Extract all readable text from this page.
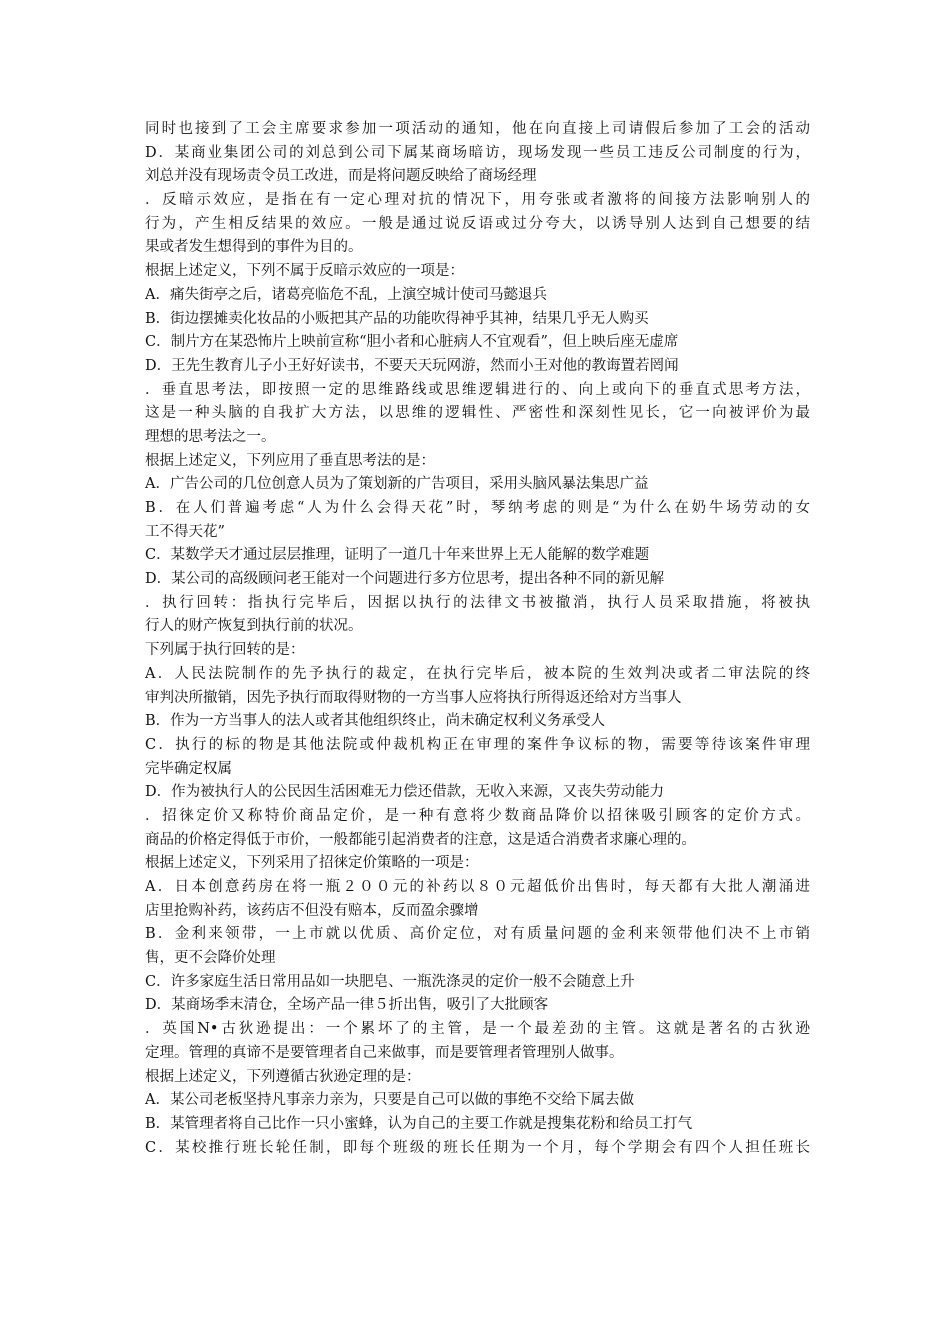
同时也接到了工会主席要求参加一项活动的通知，他在向直接上司请假后参加了工会的活动
D．某商业集团公司的刘总到公司下属某商场暗访，现场发现一些员工违反公司制度的行为，
刘总并没有现场责令员工改进，而是将问题反映给了商场经理
．反暗示效应，是指在有一定心理对抗的情况下，用夸张或者激将的间接方法影响别人的
行为，产生相反结果的效应。一般是通过说反语或过分夸大，以诱导别人达到自己想要的结
果或者发生想得到的事件为目的。
根据上述定义，下列不属于反暗示效应的一项是：
A．痛失街亭之后，诸葛亮临危不乱，上演空城计使司马懿退兵
B．街边摆摊卖化妆品的小贩把其产品的功能吹得神乎其神，结果几乎无人购买
C．制片方在某恐怖片上映前宣称“胆小者和心脏病人不宜观看”，但上映后座无虚席
D．王先生教育儿子小王好好读书，不要天天玩网游，然而小王对他的教诲置若罔闻
．垂直思考法，即按照一定的思维路线或思维逻辑进行的、向上或向下的垂直式思考方法，
这是一种头脑的自我扩大方法，以思维的逻辑性、严密性和深刻性见长，它一向被评价为最
理想的思考法之一。
根据上述定义，下列应用了垂直思考法的是：
A．广告公司的几位创意人员为了策划新的广告项目，采用头脑风暴法集思广益
B．在人们普遍考虑“人为什么会得天花”时，琴纳考虑的则是“为什么在奶牛场劳动的女
工不得天花”
C．某数学天才通过层层推理，证明了一道几十年来世界上无人能解的数学难题
D．某公司的高级顾问老王能对一个问题进行多方位思考，提出各种不同的新见解
．执行回转：指执行完毕后，因据以执行的法律文书被撤消，执行人员采取措施，将被执
行人的财产恢复到执行前的状况。
下列属于执行回转的是：
A．人民法院制作的先予执行的裁定，在执行完毕后，被本院的生效判决或者二审法院的终
审判决所撤销，因先予执行而取得财物的一方当事人应将执行所得返还给对方当事人
B．作为一方当事人的法人或者其他组织终止，尚未确定权利义务承受人
C．执行的标的物是其他法院或仲裁机构正在审理的案件争议标的物，需要等待该案件审理
完毕确定权属
D．作为被执行人的公民因生活困难无力偿还借款，无收入来源，又丧失劳动能力
．招徕定价又称特价商品定价，是一种有意将少数商品降价以招徕吸引顾客的定价方式。
商品的价格定得低于市价，一般都能引起消费者的注意，这是适合消费者求廉心理的。
根据上述定义，下列采用了招徕定价策略的一项是：
A．日本创意药房在将一瓶２００元的补药以８０元超低价出售时，每天都有大批人潮涌进
店里抢购补药，该药店不但没有赔本，反而盈余骤增
B．金利来领带，一上市就以优质、高价定位，对有质量问题的金利来领带他们决不上市销
售，更不会降价处理
C．许多家庭生活日常用品如一块肥皂、一瓶洗涤灵的定价一般不会随意上升
D．某商场季末清仓，全场产品一律５折出售，吸引了大批顾客
．英国N•古狄逊提出：一个累坏了的主管，是一个最差劲的主管。这就是著名的古狄逊
定理。管理的真谛不是要管理者自己来做事，而是要管理者管理别人做事。
根据上述定义，下列遵循古狄逊定理的是：
A．某公司老板坚持凡事亲力亲为，只要是自己可以做的事绝不交给下属去做
B．某管理者将自己比作一只小蜜蜂，认为自己的主要工作就是搜集花粉和给员工打气
C．某校推行班长轮任制，即每个班级的班长任期为一个月，每个学期会有四个人担任班长
